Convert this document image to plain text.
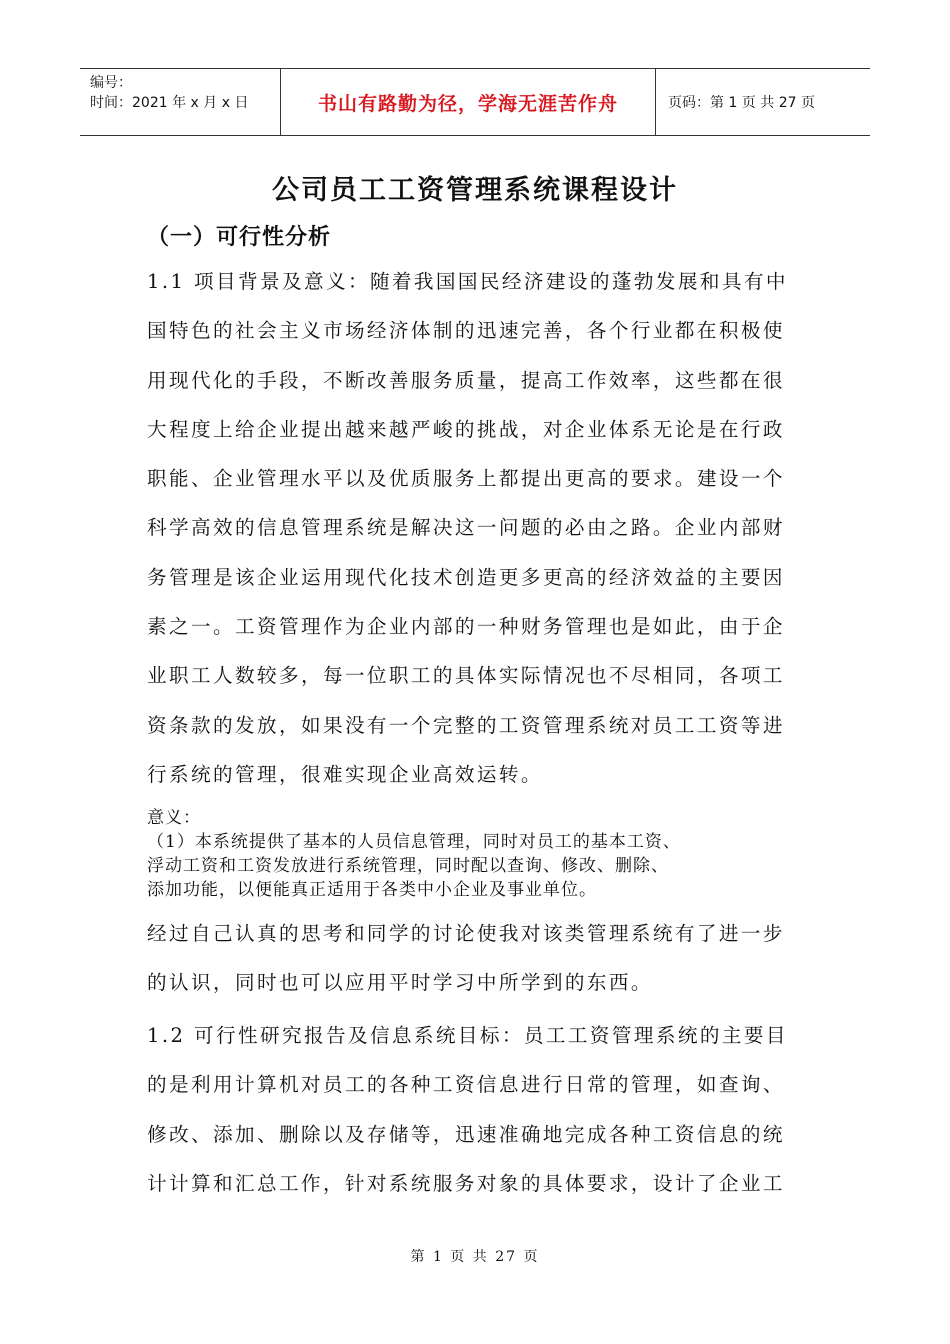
编号：
时间：2021 年 x 月 x 日	书山有路勤为径，学海无涯苦作舟	页码：第 1 页 共 27 页
公司员工工资管理系统课程设计
（一）可行性分析
1.1 项目背景及意义：随着我国国民经济建设的蓬勃发展和具有中
国特色的社会主义市场经济体制的迅速完善，各个行业都在积极使
用现代化的手段，不断改善服务质量，提高工作效率，这些都在很
大程度上给企业提出越来越严峻的挑战，对企业体系无论是在行政
职能、企业管理水平以及优质服务上都提出更高的要求。建设一个
科学高效的信息管理系统是解决这一问题的必由之路。企业内部财
务管理是该企业运用现代化技术创造更多更高的经济效益的主要因
素之一。工资管理作为企业内部的一种财务管理也是如此，由于企
业职工人数较多，每一位职工的具体实际情况也不尽相同，各项工
资条款的发放，如果没有一个完整的工资管理系统对员工工资等进
行系统的管理，很难实现企业高效运转。
意义：
（1）本系统提供了基本的人员信息管理，同时对员工的基本工资、
浮动工资和工资发放进行系统管理，同时配以查询、修改、删除、
添加功能，以便能真正适用于各类中小企业及事业单位。
经过自己认真的思考和同学的讨论使我对该类管理系统有了进一步
的认识，同时也可以应用平时学习中所学到的东西。
1.2 可行性研究报告及信息系统目标：员工工资管理系统的主要目
的是利用计算机对员工的各种工资信息进行日常的管理，如查询、
修改、添加、删除以及存储等，迅速准确地完成各种工资信息的统
计计算和汇总工作，针对系统服务对象的具体要求，设计了企业工
第 1 页 共 27 页
